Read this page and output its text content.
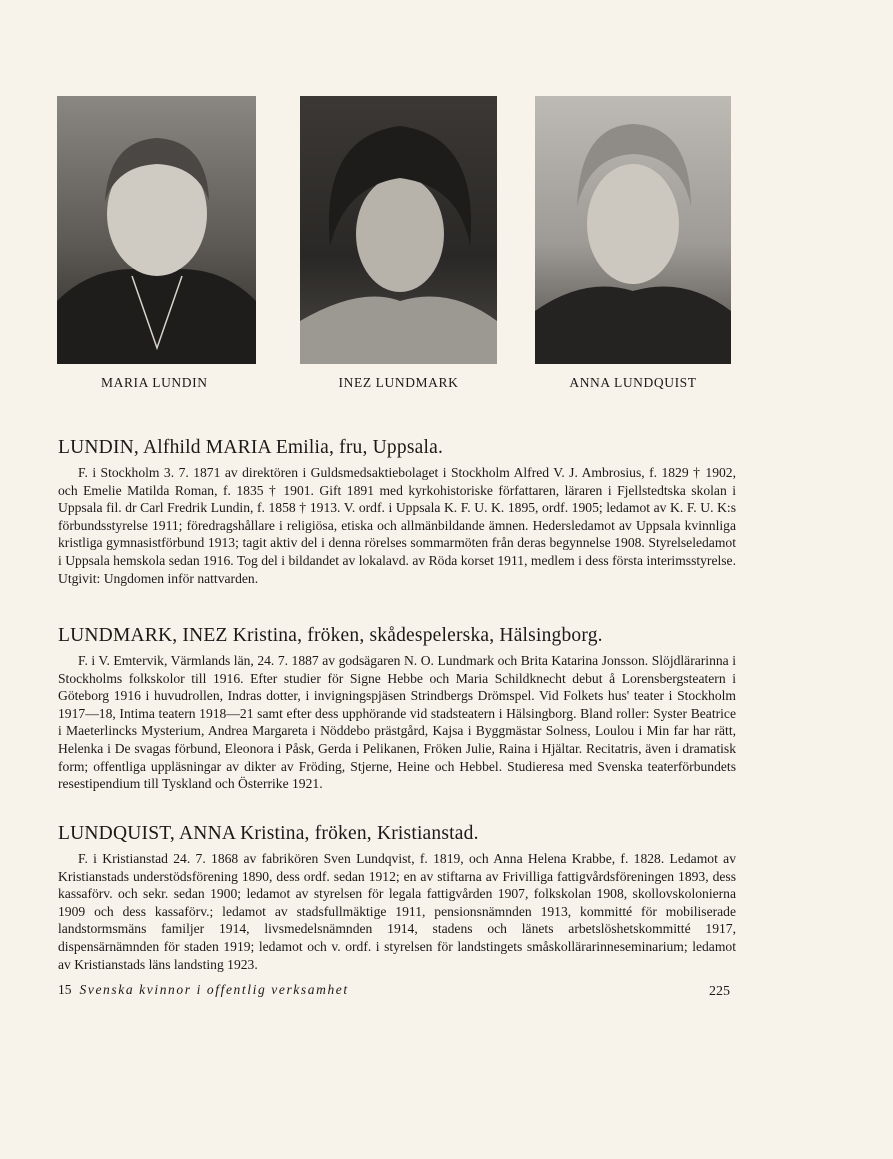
MARIA LUNDIN	INEZ LUNDMARK	ANNA LUNDQUIST
LUNDIN, Alfhild MARIA Emilia, fru, Uppsala.

F. i Stockholm 3. 7. 1871 av direktören i Guldsmedsaktiebolaget i Stockholm Alfred V. J. Ambrosius, f. 1829 † 1902, och Emelie Matilda Roman, f. 1835 † 1901. Gift 1891 med kyrkohistoriske författaren, läraren i Fjellstedtska skolan i Uppsala fil. dr Carl Fredrik Lundin, f. 1858 † 1913. V. ordf. i Uppsala K. F. U. K. 1895, ordf. 1905; ledamot av K. F. U. K:s förbundsstyrelse 1911; föredragshållare i religiösa, etiska och allmänbildande ämnen. Hedersledamot av Uppsala kvinnliga kristliga gymnasistförbund 1913; tagit aktiv del i denna rörelses sommarmöten från deras begynnelse 1908. Styrelseledamot i Uppsala hemskola sedan 1916. Tog del i bildandet av lokalavd. av Röda korset 1911, medlem i dess första interimsstyrelse. Utgivit: Ungdomen inför nattvarden.

LUNDMARK, INEZ Kristina, fröken, skådespelerska, Hälsingborg.

F. i V. Emtervik, Värmlands län, 24. 7. 1887 av godsägaren N. O. Lundmark och Brita Katarina Jonsson. Slöjdlärarinna i Stockholms folkskolor till 1916. Efter studier för Signe Hebbe och Maria Schildknecht debut å Lorensbergsteatern i Göteborg 1916 i huvudrollen, Indras dotter, i invigningspjäsen Strindbergs Drömspel. Vid Folkets hus' teater i Stockholm 1917—18, Intima teatern 1918—21 samt efter dess upphörande vid stadsteatern i Hälsingborg. Bland roller: Syster Beatrice i Maeterlincks Mysterium, Andrea Margareta i Nöddebo prästgård, Kajsa i Byggmästar Solness, Loulou i Min far har rätt, Helenka i De svagas förbund, Eleonora i Påsk, Gerda i Pelikanen, Fröken Julie, Raina i Hjältar. Recitatris, även i dramatisk form; offentliga uppläsningar av dikter av Fröding, Stjerne, Heine och Hebbel. Studieresa med Svenska teaterförbundets resestipendium till Tyskland och Österrike 1921.

LUNDQUIST, ANNA Kristina, fröken, Kristianstad.

F. i Kristianstad 24. 7. 1868 av fabrikören Sven Lundqvist, f. 1819, och Anna Helena Krabbe, f. 1828. Ledamot av Kristianstads understödsförening 1890, dess ordf. sedan 1912; en av stiftarna av Frivilliga fattigvårdsföreningen 1893, dess kassaförv. och sekr. sedan 1900; ledamot av styrelsen för legala fattigvården 1907, folkskolan 1908, skollovskolonierna 1909 och dess kassaförv.; ledamot av stadsfullmäktige 1911, pensionsnämnden 1913, kommitté för mobiliserade landstormsmäns familjer 1914, livsmedelsnämnden 1914, stadens och länets arbetslöshetskommitté 1917, dispensärnämnden för staden 1919; ledamot och v. ordf. i styrelsen för landstingets småskollärarinneseminarium; ledamot av Kristianstads läns landsting 1923.

15 Svenska kvinnor i offentlig verksamhet	225
